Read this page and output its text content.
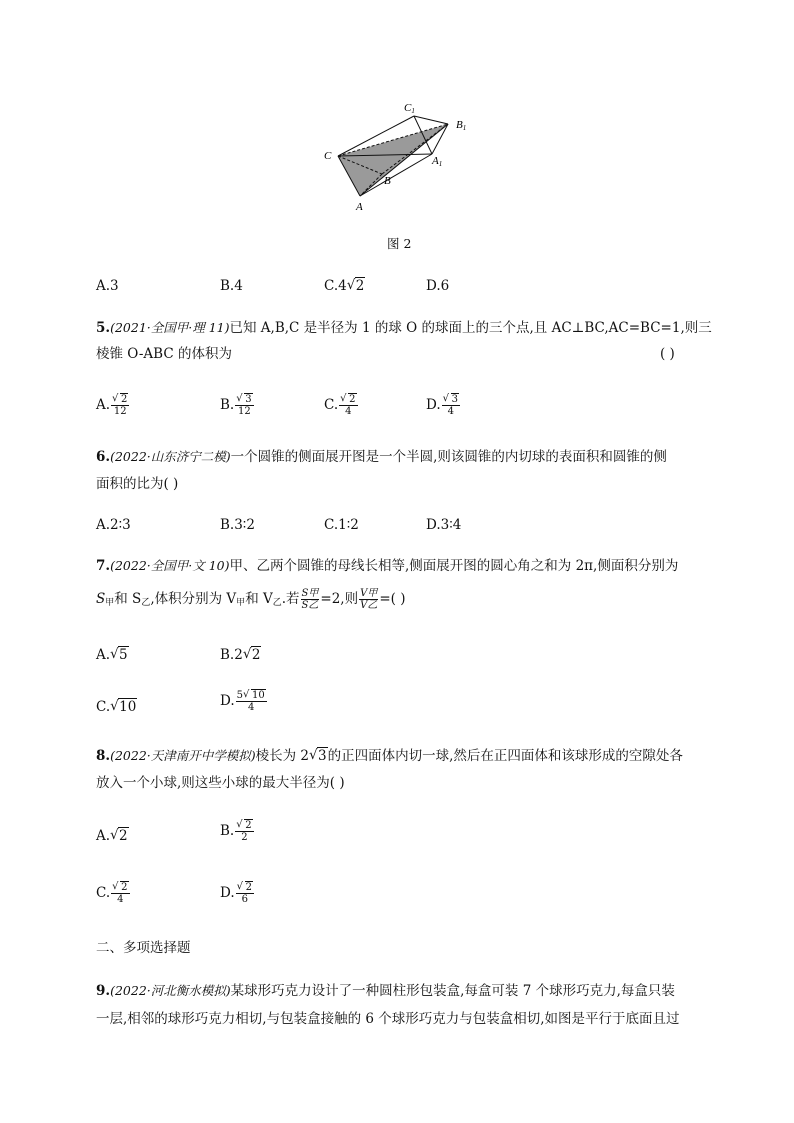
C1
B1
C	A1
B
A
图 2
A.3	B.4	C.4 √ 2	D.6
5.(2021·全国甲·理 11)已知 A,B,C 是半径为 1 的球 O 的球面上的三个点,且 AC⊥BC,AC=BC=1,则三
棱锥 O-ABC 的体积为	( )
A. √ $\frac{2}{12}$	B. √ $\frac{3}{12}$	C. √ $\frac{2}{4}$	D. √ $\frac{3}{4}$
6.(2022·山东济宁二模)一个圆锥的侧面展开图是一个半圆,则该圆锥的内切球的表面积和圆锥的侧
面积的比为( )
A.2∶3	B.3∶2	C.1∶2	D.3∶4
7.(2022·全国甲·文 10)甲、乙两个圆锥的母线长相等,侧面展开图的圆心角之和为 2π,侧面积分别为
$S_甲$和 $S_乙$,体积分别为 $V_甲$和 $V_乙$.若 $\frac{\text{S甲}}{\text{S乙}} =2$,则 $\frac{\text{V甲}}{\text{V乙}}$ =( )
A. √ 5	B.2 √ 2
C. √ 10	D. $\frac{5 √ 10}{4}$
8.(2022·天津南开中学模拟)棱长为 2 √ 3的正四面体内切一球,然后在正四面体和该球形成的空隙处各
放入一个小球,则这些小球的最大半径为( )
A. √ 2	B. √ $\frac{2}{2}$
C. √ $\frac{2}{4}$	D. √ $\frac{2}{6}$
二、多项选择题
9.(2022·河北衡水模拟)某球形巧克力设计了一种圆柱形包装盒,每盒可装 7 个球形巧克力,每盒只装
一层,相邻的球形巧克力相切,与包装盒接触的 6 个球形巧克力与包装盒相切,如图是平行于底面且过
